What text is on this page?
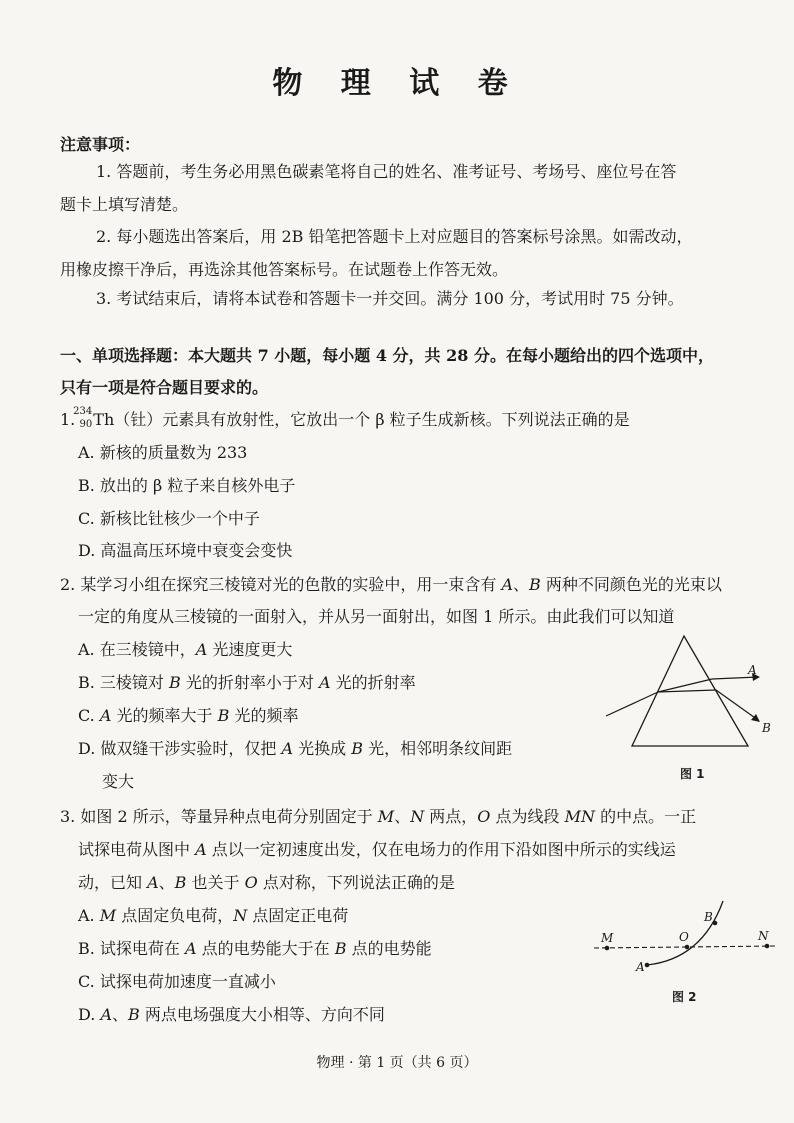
物 理 试 卷
注意事项：
1. 答题前，考生务必用黑色碳素笔将自己的姓名、准考证号、考场号、座位号在答
题卡上填写清楚。
2. 每小题选出答案后，用 2B 铅笔把答题卡上对应题目的答案标号涂黑。如需改动，
用橡皮擦干净后，再选涂其他答案标号。在试题卷上作答无效。
3. 考试结束后，请将本试卷和答题卡一并交回。满分 100 分，考试用时 75 分钟。
一、单项选择题：本大题共 7 小题，每小题 4 分，共 28 分。在每小题给出的四个选项中，
只有一项是符合题目要求的。
1.
234
90 Th（钍）元素具有放射性，它放出一个 β 粒子生成新核。下列说法正确的是
A. 新核的质量数为 233
B. 放出的 β 粒子来自核外电子
C. 新核比钍核少一个中子
D. 高温高压环境中衰变会变快
2. 某学习小组在探究三棱镜对光的色散的实验中，用一束含有 A、B 两种不同颜色光的光束以
一定的角度从三棱镜的一面射入，并从另一面射出，如图 1 所示。由此我们可以知道
A. 在三棱镜中，A 光速度更大
B. 三棱镜对 B 光的折射率小于对 A 光的折射率
C. A 光的频率大于 B 光的频率
D. 做双缝干涉实验时，仅把 A 光换成 B 光，相邻明条纹间距
变大
A
B
图 1
3. 如图 2 所示，等量异种点电荷分别固定于 M、N 两点，O 点为线段 MN 的中点。一正
试探电荷从图中 A 点以一定初速度出发，仅在电场力的作用下沿如图中所示的实线运
动，已知 A、B 也关于 O 点对称，下列说法正确的是
A. M 点固定负电荷，N 点固定正电荷
B. 试探电荷在 A 点的电势能大于在 B 点的电势能
C. 试探电荷加速度一直减小
D. A、B 两点电场强度大小相等、方向不同
M	O	N
A
B
图 2
物理 · 第 1 页（共 6 页）
